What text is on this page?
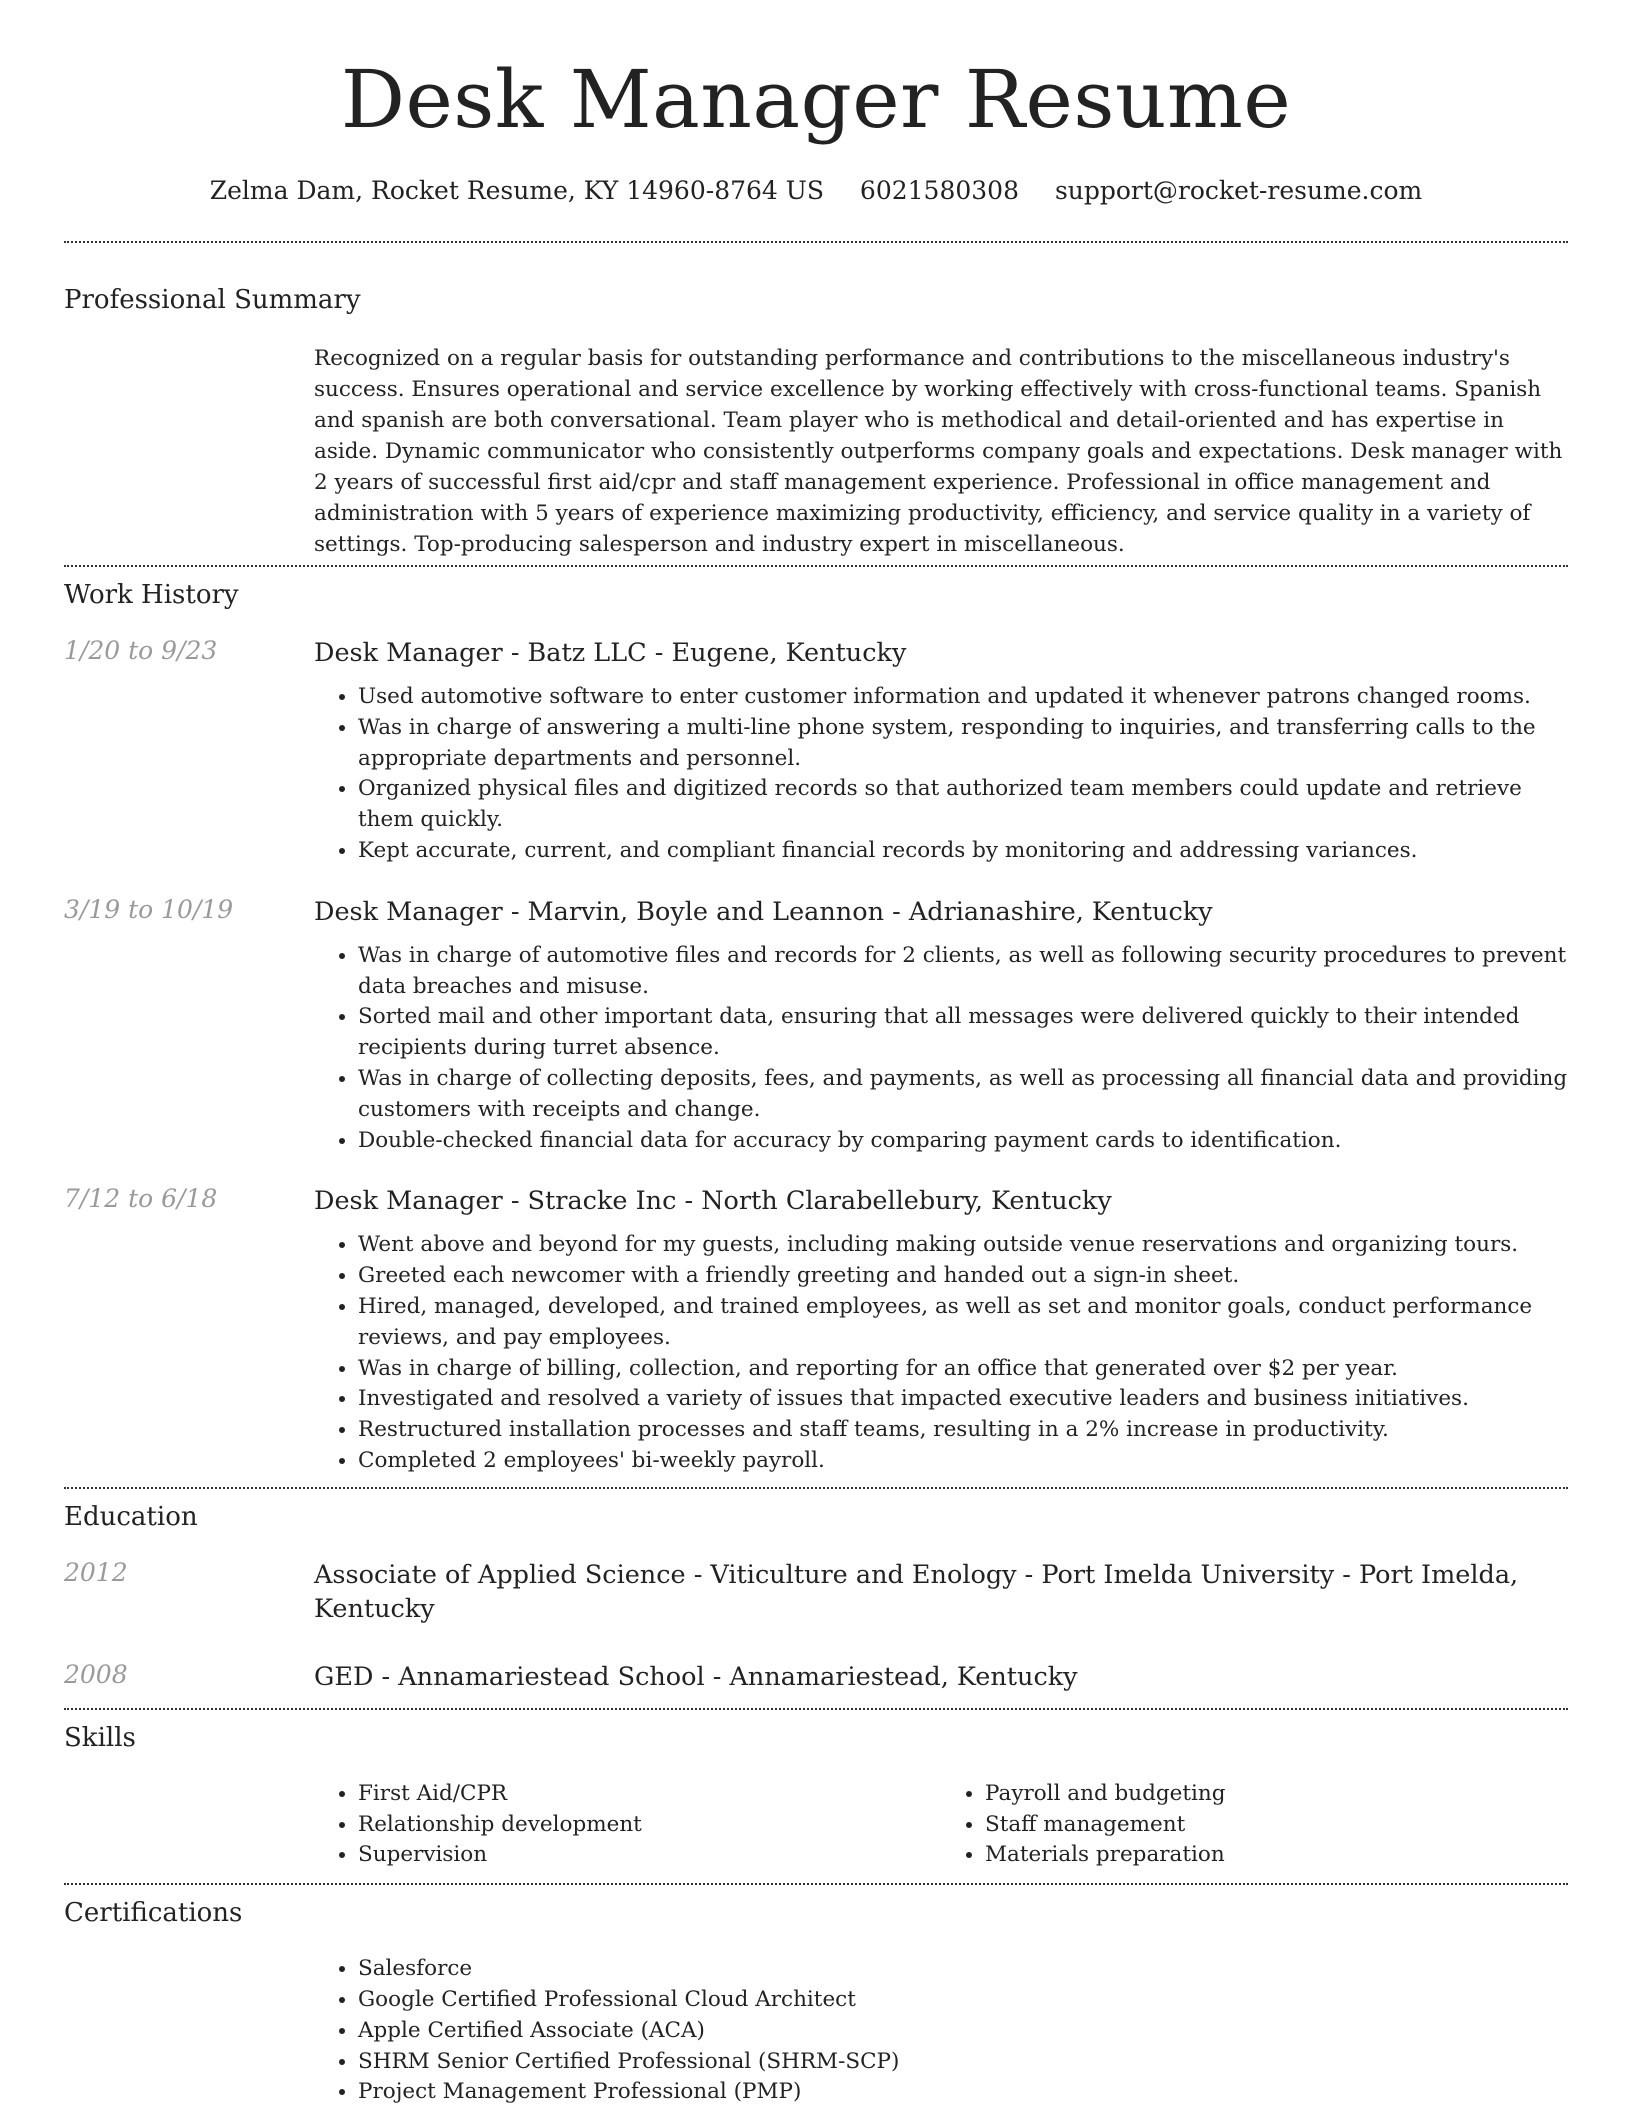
Desk Manager Resume
Zelma Dam, Rocket Resume, KY 14960-8764 US 6021580308 support@rocket-resume.com
Professional Summary
Recognized on a regular basis for outstanding performance and contributions to the miscellaneous industry's success. Ensures operational and service excellence by working effectively with cross-functional teams. Spanish and spanish are both conversational. Team player who is methodical and detail-oriented and has expertise in aside. Dynamic communicator who consistently outperforms company goals and expectations. Desk manager with 2 years of successful first aid/cpr and staff management experience. Professional in office management and administration with 5 years of experience maximizing productivity, efficiency, and service quality in a variety of settings. Top-producing salesperson and industry expert in miscellaneous.
Work History
1/20 to 9/23	Desk Manager - Batz LLC - Eugene, Kentucky
• Used automotive software to enter customer information and updated it whenever patrons changed rooms.
• Was in charge of answering a multi-line phone system, responding to inquiries, and transferring calls to the appropriate departments and personnel.
• Organized physical files and digitized records so that authorized team members could update and retrieve them quickly.
• Kept accurate, current, and compliant financial records by monitoring and addressing variances.
3/19 to 10/19	Desk Manager - Marvin, Boyle and Leannon - Adrianashire, Kentucky
• Was in charge of automotive files and records for 2 clients, as well as following security procedures to prevent data breaches and misuse.
• Sorted mail and other important data, ensuring that all messages were delivered quickly to their intended recipients during turret absence.
• Was in charge of collecting deposits, fees, and payments, as well as processing all financial data and providing customers with receipts and change.
• Double-checked financial data for accuracy by comparing payment cards to identification.
7/12 to 6/18	Desk Manager - Stracke Inc - North Clarabellebury, Kentucky
• Went above and beyond for my guests, including making outside venue reservations and organizing tours.
• Greeted each newcomer with a friendly greeting and handed out a sign-in sheet.
• Hired, managed, developed, and trained employees, as well as set and monitor goals, conduct performance reviews, and pay employees.
• Was in charge of billing, collection, and reporting for an office that generated over $2 per year.
• Investigated and resolved a variety of issues that impacted executive leaders and business initiatives.
• Restructured installation processes and staff teams, resulting in a 2% increase in productivity.
• Completed 2 employees' bi-weekly payroll.
Education
2012	Associate of Applied Science - Viticulture and Enology - Port Imelda University - Port Imelda, Kentucky
2008	GED - Annamariestead School - Annamariestead, Kentucky
Skills
• First Aid/CPR
• Relationship development
• Supervision
• Payroll and budgeting
• Staff management
• Materials preparation
Certifications
• Salesforce
• Google Certified Professional Cloud Architect
• Apple Certified Associate (ACA)
• SHRM Senior Certified Professional (SHRM-SCP)
• Project Management Professional (PMP)
